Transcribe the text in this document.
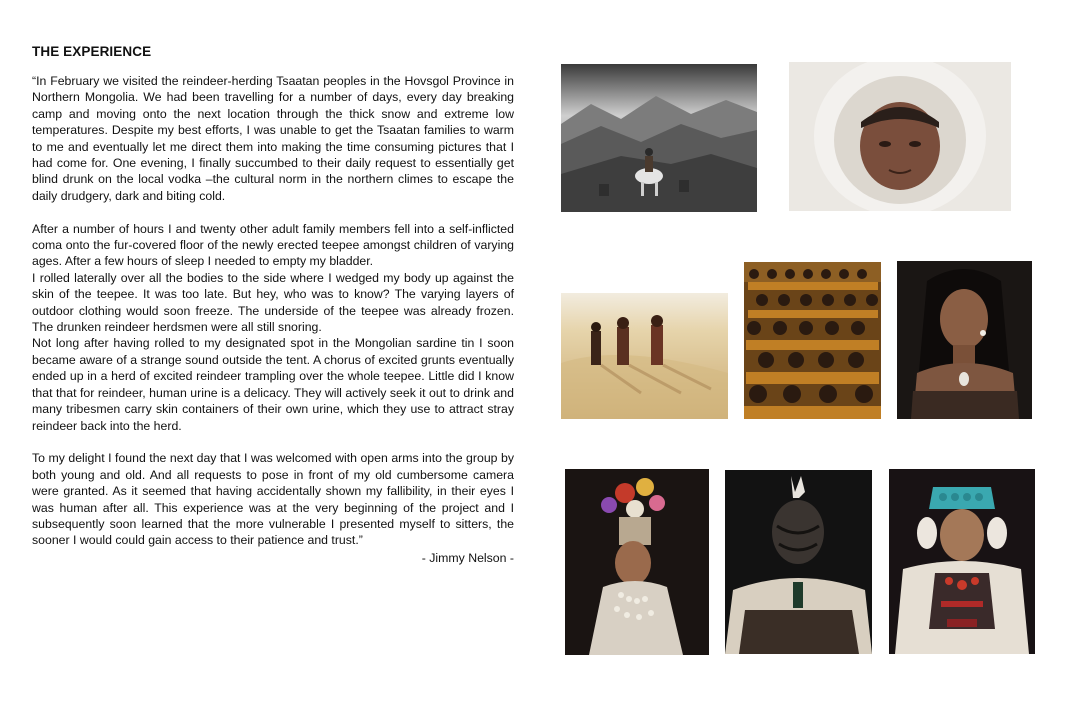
THE EXPERIENCE

“In February we visited the reindeer-herding Tsaatan peoples in the Hovsgol Province in Northern Mongolia. We had been travelling for a number of days, every day breaking camp and moving onto the next location through the thick snow and extreme low temperatures. Despite my best efforts, I was unable to get the Tsaatan families to warm to me and eventually let me direct them into making the time consuming pictures that I had come for. One evening, I finally succumbed to their daily request to essentially get blind drunk on the local vodka –the cultural norm in the northern climes to escape the daily drudgery, dark and biting cold.

After a number of hours I and twenty other adult family members fell into a self-inflicted coma onto the fur-covered floor of the newly erected teepee amongst children of varying ages. After a few hours of sleep I needed to empty my bladder.

I rolled laterally over all the bodies to the side where I wedged my body up against the skin of the teepee. It was too late. But hey, who was to know? The varying layers of outdoor clothing would soon freeze. The underside of the teepee was already frozen. The drunken reindeer herdsmen were all still snoring.

Not long after having rolled to my designated spot in the Mongolian sardine tin I soon became aware of a strange sound outside the tent. A chorus of excited grunts eventually ended up in a herd of excited reindeer trampling over the whole teepee. Little did I know that that for reindeer, human urine is a delicacy. They will actively seek it out to drink and many tribesmen carry skin containers of their own urine, which they use to attract stray reindeer back into the herd.

To my delight I found the next day that I was welcomed with open arms into the group by both young and old. And all requests to pose in front of my old cumbersome camera were granted. As it seemed that having accidentally shown my fallibility, in their eyes I was human after all. This experience was at the very beginning of the project and I subsequently soon learned that the more vulnerable I presented myself to sitters, the sooner I would could gain access to their patience and trust.”

- Jimmy Nelson -
